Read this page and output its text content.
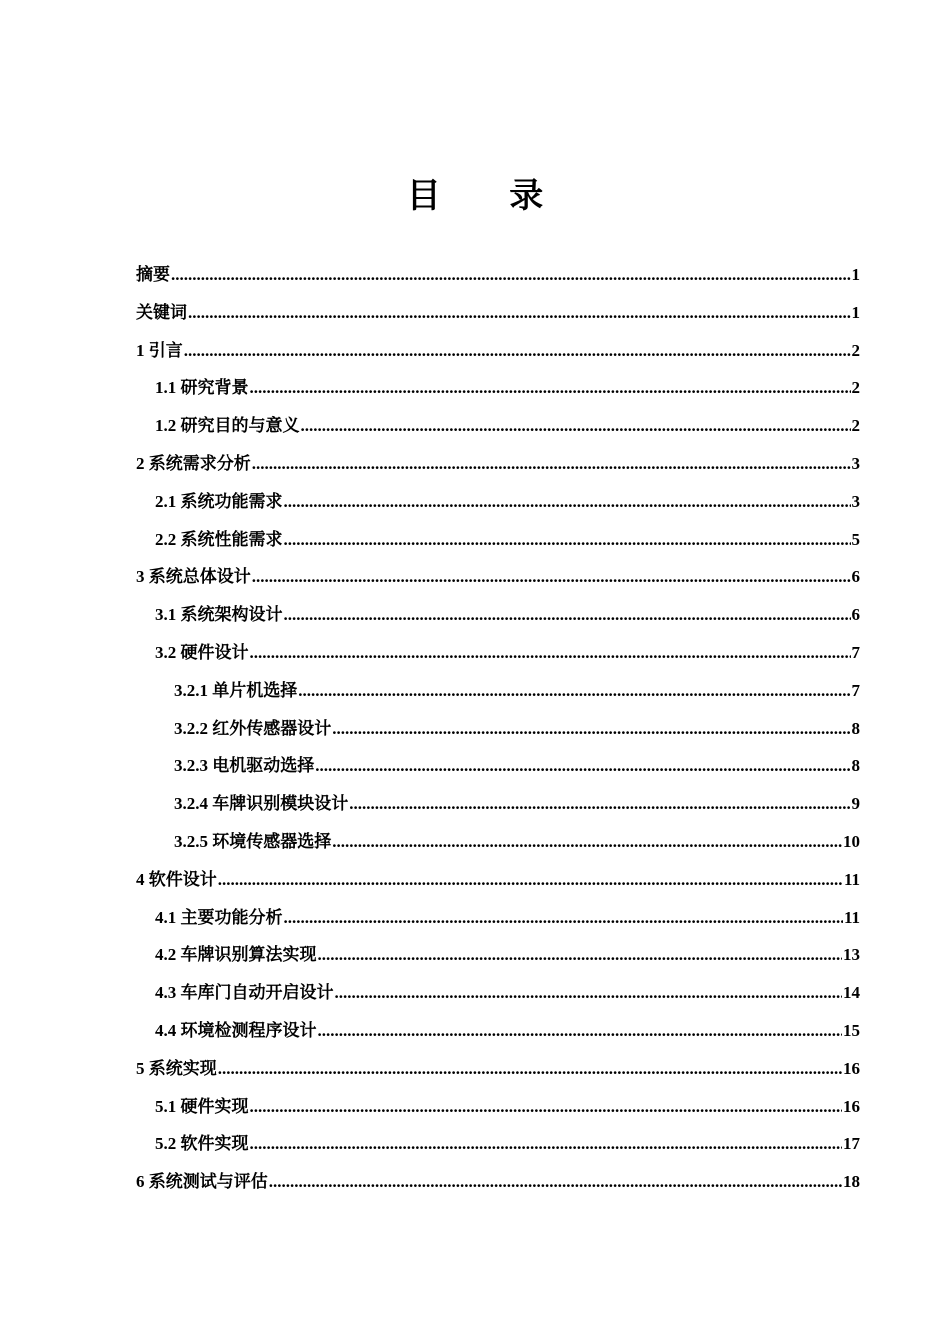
目 录
摘要 .....	1
关键词 .....	1
1 引言 .....	2
1.1 研究背景 .....	2
1.2 研究目的与意义 .....	2
2 系统需求分析 .....	3
2.1 系统功能需求 .....	3
2.2 系统性能需求 .....	5
3 系统总体设计 .....	6
3.1 系统架构设计 .....	6
3.2 硬件设计 .....	7
3.2.1 单片机选择 .....	7
3.2.2 红外传感器设计 .....	8
3.2.3 电机驱动选择 .....	8
3.2.4 车牌识别模块设计 .....	9
3.2.5 环境传感器选择 .....	10
4 软件设计 .....	11
4.1 主要功能分析 .....	11
4.2 车牌识别算法实现 .....	13
4.3 车库门自动开启设计 .....	14
4.4 环境检测程序设计 .....	15
5 系统实现 .....	16
5.1 硬件实现 .....	16
5.2 软件实现 .....	17
6 系统测试与评估 .....	18
